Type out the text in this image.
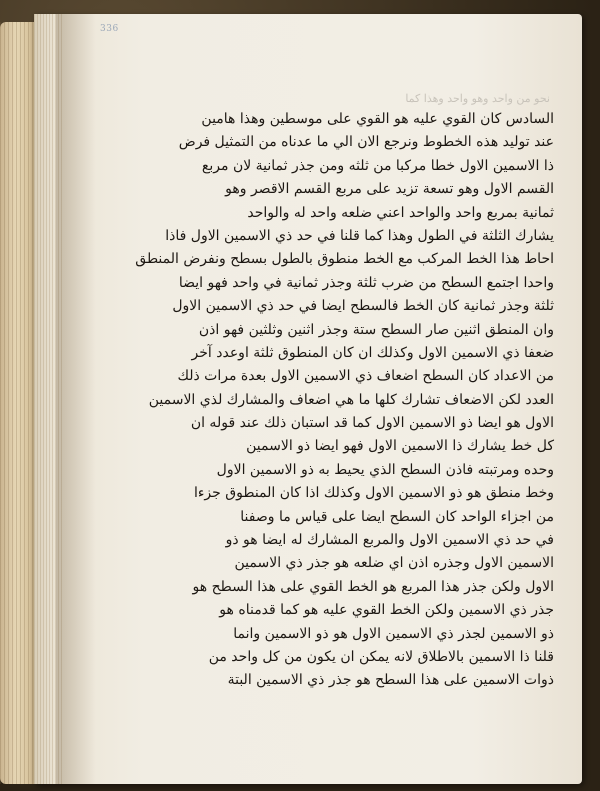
336
نحو من واحد وهو واحد وهذا كما
السادس كان القوي عليه هو القوي على موسطين وهذا هامين
عند توليد هذه الخطوط ونرجع الان الي ما عدناه من التمثيل فرض
ذا الاسمين الاول خطا مركبا من ثلثه ومن جذر ثمانية لان مربع
القسم الاول وهو تسعة تزيد على مربع القسم الاقصر وهو
ثمانية بمربع واحد والواحد اعني ضلعه واحد له والواحد
يشارك الثلثة في الطول وهذا كما قلنا في حد ذي الاسمين الاول فاذا
احاط هذا الخط المركب مع الخط منطوق بالطول بسطح ونفرض المنطق
واحدا اجتمع السطح من ضرب ثلثة وجذر ثمانية في واحد فهو ايضا
ثلثة وجذر ثمانية كان الخط فالسطح ايضا في حد ذي الاسمين الاول
وان المنطق اثنين صار السطح ستة وجذر اثنين وثلثين فهو اذن
ضعفا ذي الاسمين الاول وكذلك ان كان المنطوق ثلثة اوعدد آخر
من الاعداد كان السطح اضعاف ذي الاسمين الاول بعدة مرات ذلك
العدد لكن الاضعاف تشارك كلها ما هي اضعاف والمشارك لذي الاسمين
الاول هو ايضا ذو الاسمين الاول كما قد استبان ذلك عند قوله ان
كل خط يشارك ذا الاسمين الاول فهو ايضا ذو الاسمين
وحده ومرتبته فاذن السطح الذي يحيط به ذو الاسمين الاول
وخط منطق هو ذو الاسمين الاول وكذلك اذا كان المنطوق جزءا
من اجزاء الواحد كان السطح ايضا على قياس ما وصفنا
في حد ذي الاسمين الاول والمربع المشارك له ايضا هو ذو
الاسمين الاول وجذره اذن اي ضلعه هو جذر ذي الاسمين
الاول ولكن جذر هذا المربع هو الخط القوي على هذا السطح هو
جذر ذي الاسمين ولكن الخط القوي عليه هو كما قدمناه هو
ذو الاسمين لجذر ذي الاسمين الاول هو ذو الاسمين وانما
قلنا ذا الاسمين بالاطلاق لانه يمكن ان يكون من كل واحد من
ذوات الاسمين على هذا السطح هو جذر ذي الاسمين البتة
